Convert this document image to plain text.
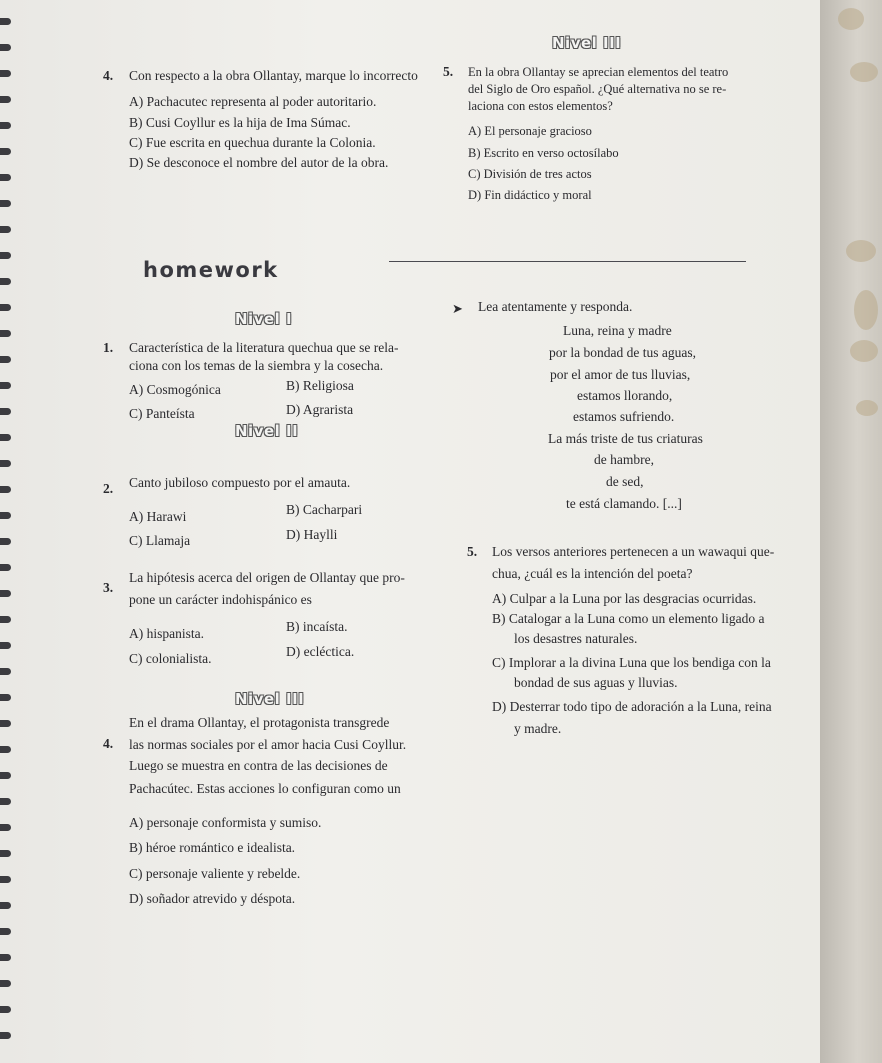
Nivel III
4. Con respecto a la obra Ollantay, marque lo incorrecto
A) Pachacutec representa al poder autoritario.
B) Cusi Coyllur es la hija de Ima Súmac.
C) Fue escrita en quechua durante la Colonia.
D) Se desconoce el nombre del autor de la obra.
5. En la obra Ollantay se aprecian elementos del teatro
del Siglo de Oro español. ¿Qué alternativa no se re-
laciona con estos elementos?
A) El personaje gracioso
B) Escrito en verso octosílabo
C) División de tres actos
D) Fin didáctico y moral
homework
Nivel I
1. Característica de la literatura quechua que se rela-
ciona con los temas de la siembra y la cosecha.
A) Cosmogónica	B) Religiosa
C) Panteísta	D) Agrarista
Nivel II
2. Canto jubiloso compuesto por el amauta.
A) Harawi	B) Cacharpari
C) Llamaja	D) Haylli
3.
La hipótesis acerca del origen de Ollantay que pro-
pone un carácter indohispánico es
A) hispanista.	B) incaísta.
C) colonialista.	D) ecléctica.
Nivel III
4.
En el drama Ollantay, el protagonista transgrede
las normas sociales por el amor hacia Cusi Coyllur.
Luego se muestra en contra de las decisiones de
Pachacútec. Estas acciones lo configuran como un
A) personaje conformista y sumiso.
B) héroe romántico e idealista.
C) personaje valiente y rebelde.
D) soñador atrevido y déspota.
➤ Lea atentamente y responda.
Luna, reina y madre
por la bondad de tus aguas,
por el amor de tus lluvias,
estamos llorando,
estamos sufriendo.
La más triste de tus criaturas
de hambre,
de sed,
te está clamando. [...]
5. Los versos anteriores pertenecen a un wawaqui que-
chua, ¿cuál es la intención del poeta?
A) Culpar a la Luna por las desgracias ocurridas.
B) Catalogar a la Luna como un elemento ligado a
los desastres naturales.
C) Implorar a la divina Luna que los bendiga con la
bondad de sus aguas y lluvias.
D) Desterrar todo tipo de adoración a la Luna, reina
y madre.
